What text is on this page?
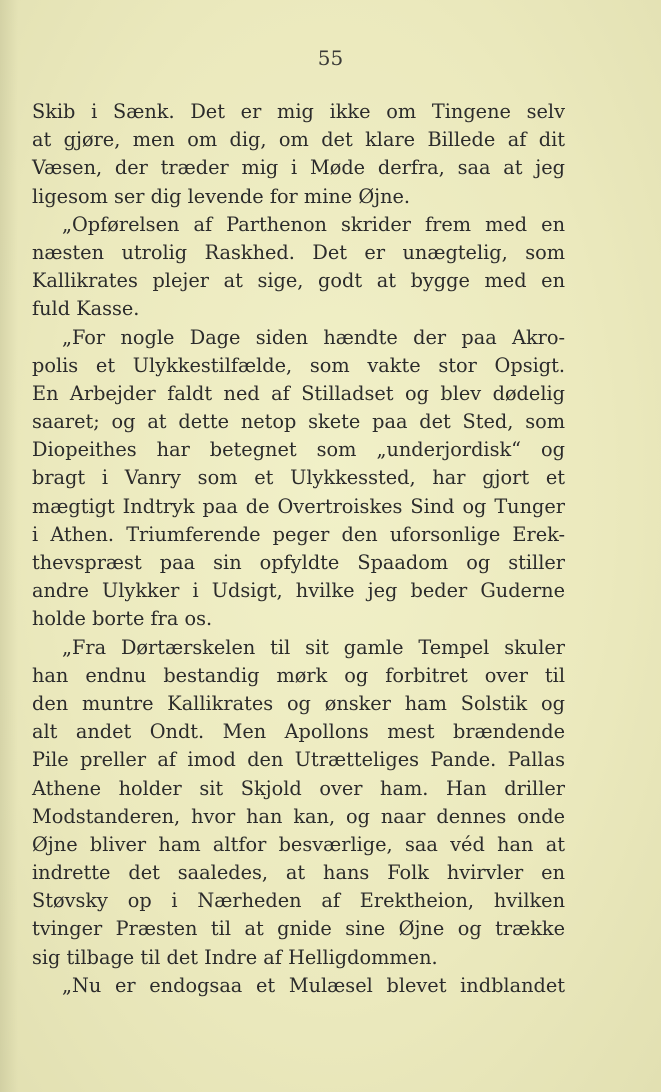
55

Skib i Sænk. Det er mig ikke om Tingene selv
at gjøre, men om dig, om det klare Billede af dit
Væsen, der træder mig i Møde derfra, saa at jeg
ligesom ser dig levende for mine Øjne.
„Opførelsen af Parthenon skrider frem med en
næsten utrolig Raskhed. Det er unægtelig, som
Kallikrates plejer at sige, godt at bygge med en
fuld Kasse.
„For nogle Dage siden hændte der paa Akro-
polis et Ulykkestilfælde, som vakte stor Opsigt.
En Arbejder faldt ned af Stilladset og blev dødelig
saaret; og at dette netop skete paa det Sted, som
Diopeithes har betegnet som „underjordisk“ og
bragt i Vanry som et Ulykkessted, har gjort et
mægtigt Indtryk paa de Overtroiskes Sind og Tunger
i Athen. Triumferende peger den uforsonlige Erek-
thevspræst paa sin opfyldte Spaadom og stiller
andre Ulykker i Udsigt, hvilke jeg beder Guderne
holde borte fra os.
„Fra Dørtærskelen til sit gamle Tempel skuler
han endnu bestandig mørk og forbitret over til
den muntre Kallikrates og ønsker ham Solstik og
alt andet Ondt. Men Apollons mest brændende
Pile preller af imod den Utrætteliges Pande. Pallas
Athene holder sit Skjold over ham. Han driller
Modstanderen, hvor han kan, og naar dennes onde
Øjne bliver ham altfor besværlige, saa véd han at
indrette det saaledes, at hans Folk hvirvler en
Støvsky op i Nærheden af Erektheion, hvilken
tvinger Præsten til at gnide sine Øjne og trække
sig tilbage til det Indre af Helligdommen.
„Nu er endogsaa et Mulæsel blevet indblandet
